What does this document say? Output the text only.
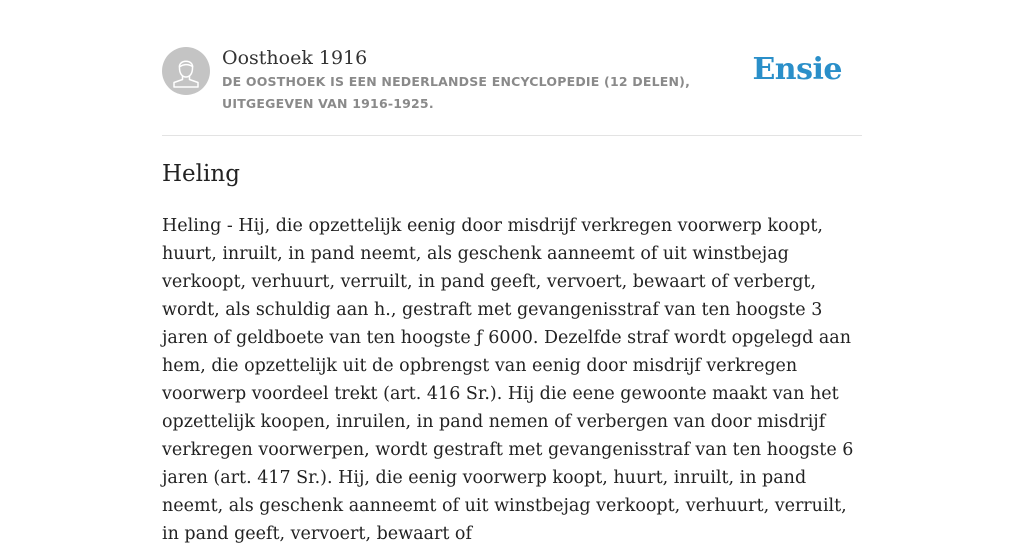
Oosthoek 1916
DE OOSTHOEK IS EEN NEDERLANDSE ENCYCLOPEDIE (12 DELEN), UITGEGEVEN VAN 1916-1925.
Ensie
Heling

Heling - Hij, die opzettelijk eenig door misdrijf verkregen voorwerp koopt, huurt, inruilt, in pand neemt, als geschenk aanneemt of uit winstbejag verkoopt, verhuurt, verruilt, in pand geeft, vervoert, bewaart of verbergt, wordt, als schuldig aan h., gestraft met gevangenisstraf van ten hoogste 3 jaren of geldboete van ten hoogste ƒ 6000. Dezelfde straf wordt opgelegd aan hem, die opzettelijk uit de opbrengst van eenig door misdrijf verkregen voorwerp voordeel trekt (art. 416 Sr.). Hij die eene gewoonte maakt van het opzettelijk koopen, inruilen, in pand nemen of verbergen van door misdrijf verkregen voorwerpen, wordt gestraft met gevangenisstraf van ten hoogste 6 jaren (art. 417 Sr.). Hij, die eenig voorwerp koopt, huurt, inruilt, in pand neemt, als geschenk aanneemt of uit winstbejag verkoopt, verhuurt, verruilt, in pand geeft, vervoert, bewaart of
